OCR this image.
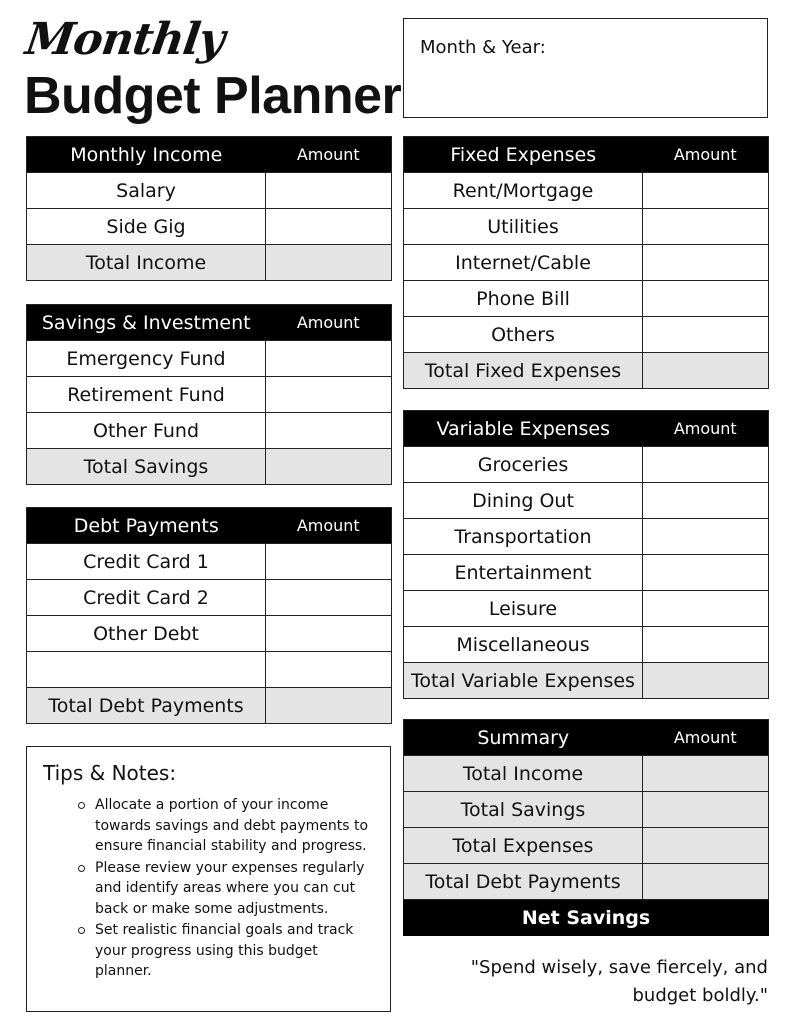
Monthly
Budget Planner
Month & Year:
Monthly Income	Amount
Salary	
Side Gig	
Total Income	
Savings & Investment	Amount
Emergency Fund	
Retirement Fund	
Other Fund	
Total Savings	
Debt Payments	Amount
Credit Card 1	
Credit Card 2	
Other Debt	

Total Debt Payments	
Fixed Expenses	Amount
Rent/Mortgage	
Utilities	
Internet/Cable	
Phone Bill	
Others	
Total Fixed Expenses	
Variable Expenses	Amount
Groceries	
Dining Out	
Transportation	
Entertainment	
Leisure	
Miscellaneous	
Total Variable Expenses	
Summary	Amount
Total Income	
Total Savings	
Total Expenses	
Total Debt Payments	
Net Savings	
Tips & Notes:
Allocate a portion of your income towards savings and debt payments to ensure financial stability and progress.
Please review your expenses regularly and identify areas where you can cut back or make some adjustments.
Set realistic financial goals and track your progress using this budget planner.	"Spend wisely, save fiercely, and budget boldly."
